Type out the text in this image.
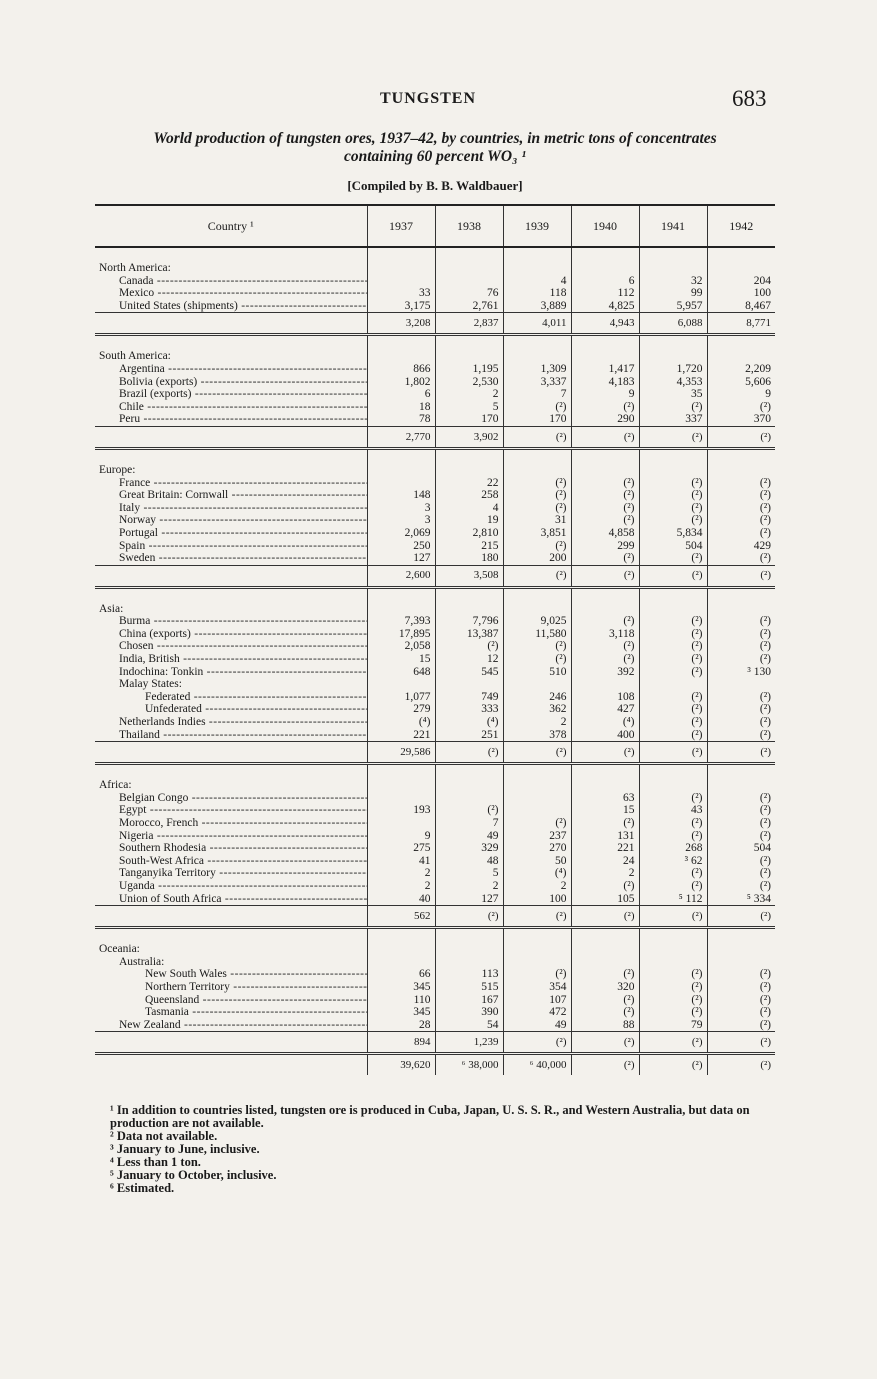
TUNGSTEN	683
World production of tungsten ores, 1937–42, by countries, in metric tons of concentrates
containing 60 percent WO₃ ¹
[Compiled by B. B. Waldbauer]
Country ¹	1937	1938	1939	1940	1941	1942
North America:						
Canada -----			4	6	32	204
Mexico -----	33	76	118	112	99	100
United States (shipments) -----	3,175	2,761	3,889	4,825	5,957	8,467
	3,208	2,837	4,011	4,943	6,088	8,771
South America:						
Argentina -----	866	1,195	1,309	1,417	1,720	2,209
Bolivia (exports) -----	1,802	2,530	3,337	4,183	4,353	5,606
Brazil (exports) -----	6	2	7	9	35	9
Chile -----	18	5	(²)	(²)	(²)	(²)
Peru -----	78	170	170	290	337	370
	2,770	3,902	(²)	(²)	(²)	(²)
Europe:						
France -----		22	(²)	(²)	(²)	(²)
Great Britain: Cornwall -----	148	258	(²)	(²)	(²)	(²)
Italy -----	3	4	(²)	(²)	(²)	(²)
Norway -----	3	19	31	(²)	(²)	(²)
Portugal -----	2,069	2,810	3,851	4,858	5,834	(²)
Spain -----	250	215	(²)	299	504	429
Sweden -----	127	180	200	(²)	(²)	(²)
	2,600	3,508	(²)	(²)	(²)	(²)
Asia:						
Burma -----	7,393	7,796	9,025	(²)	(²)	(²)
China (exports) -----	17,895	13,387	11,580	3,118	(²)	(²)
Chosen -----	2,058	(²)	(²)	(²)	(²)	(²)
India, British -----	15	12	(²)	(²)	(²)	(²)
Indochina: Tonkin -----	648	545	510	392	(²)	³ 130
Malay States:						
Federated -----	1,077	749	246	108	(²)	(²)
Unfederated -----	279	333	362	427	(²)	(²)
Netherlands Indies -----	(⁴)	(⁴)	2	(⁴)	(²)	(²)
Thailand -----	221	251	378	400	(²)	(²)
	29,586	(²)	(²)	(²)	(²)	(²)
Africa:						
Belgian Congo -----				63	(²)	(²)
Egypt -----	193	(²)		15	43	(²)
Morocco, French -----		7	(²)	(²)	(²)	(²)
Nigeria -----	9	49	237	131	(²)	(²)
Southern Rhodesia -----	275	329	270	221	268	504
South-West Africa -----	41	48	50	24	³ 62	(²)
Tanganyika Territory -----	2	5	(⁴)	2	(²)	(²)
Uganda -----	2	2	2	(²)	(²)	(²)
Union of South Africa -----	40	127	100	105	⁵ 112	⁵ 334
	562	(²)	(²)	(²)	(²)	(²)
Oceania:						
Australia:						
New South Wales -----	66	113	(²)	(²)	(²)	(²)
Northern Territory -----	345	515	354	320	(²)	(²)
Queensland -----	110	167	107	(²)	(²)	(²)
Tasmania -----	345	390	472	(²)	(²)	(²)
New Zealand -----	28	54	49	88	79	(²)
	894	1,239	(²)	(²)	(²)	(²)
	39,620	⁶ 38,000	⁶ 40,000	(²)	(²)	(²)

¹ In addition to countries listed, tungsten ore is produced in Cuba, Japan, U. S. S. R., and Western Australia, but data on production are not available.

² Data not available.

³ January to June, inclusive.

⁴ Less than 1 ton.

⁵ January to October, inclusive.

⁶ Estimated.
